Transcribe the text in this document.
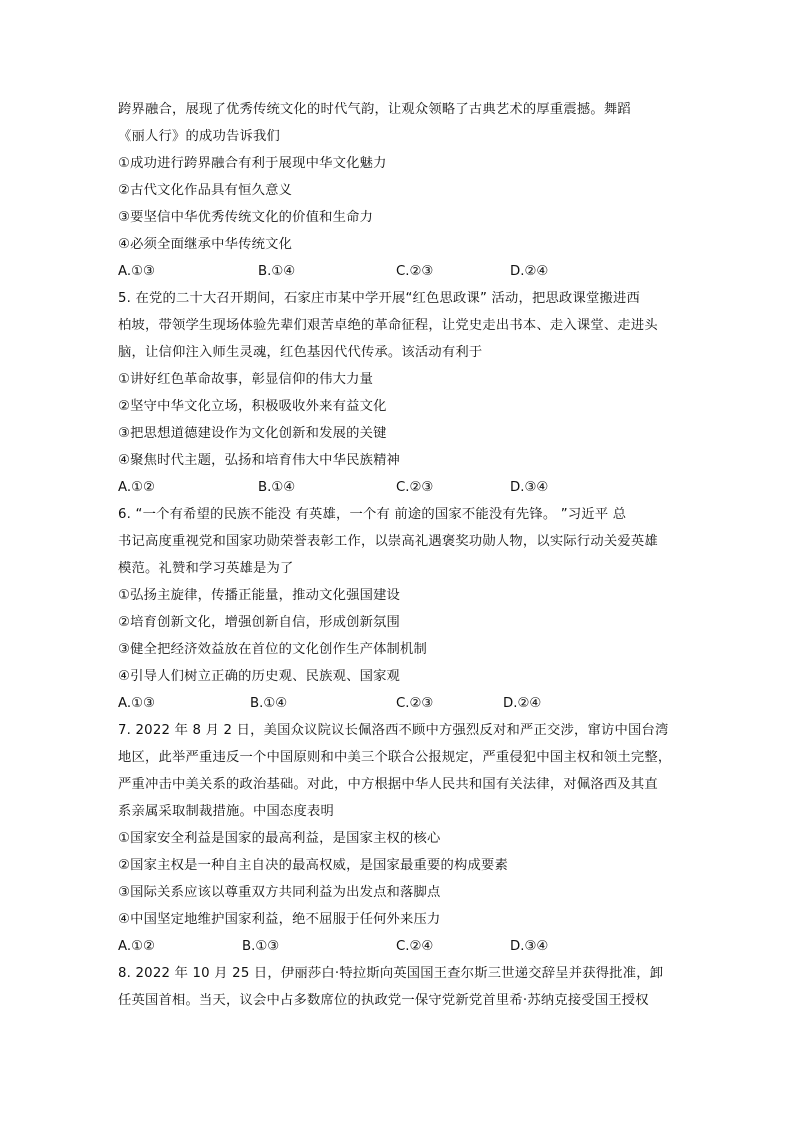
跨界融合，展现了优秀传统文化的时代气韵，让观众领略了古典艺术的厚重震撼。舞蹈
《丽人行》的成功告诉我们
①成功进行跨界融合有利于展现中华文化魅力
②古代文化作品具有恒久意义
③要坚信中华优秀传统文化的价值和生命力
④必须全面继承中华传统文化
A.①③	B.①④	C.②③	D.②④
5. 在党的二十大召开期间，石家庄市某中学开展“红色思政课” 活动，把思政课堂搬进西
柏坡，带领学生现场体验先辈们艰苦卓绝的革命征程，让党史走出书本、走入课堂、走进头
脑，让信仰注入师生灵魂，红色基因代代传承。该活动有利于
①讲好红色革命故事，彰显信仰的伟大力量
②坚守中华文化立场，积极吸收外来有益文化
③把思想道德建设作为文化创新和发展的关键
④聚焦时代主题，弘扬和培育伟大中华民族精神
A.①②	B.①④	C.②③	D.③④
6. “一个有希望的民族不能没 有英雄，一个有 前途的国家不能没有先锋。 ”习近平 总
书记高度重视党和国家功勋荣誉表彰工作，以崇高礼遇褒奖功勋人物，以实际行动关爱英雄
模范。礼赞和学习英雄是为了
①弘扬主旋律，传播正能量，推动文化强国建设
②培育创新文化，增强创新自信，形成创新氛围
③健全把经济效益放在首位的文化创作生产体制机制
④引导人们树立正确的历史观、民族观、国家观
A.①③	B.①④	C.②③	D.②④
7. 2022 年 8 月 2 日，美国众议院议长佩洛西不顾中方强烈反对和严正交涉，窜访中国台湾
地区，此举严重违反一个中国原则和中美三个联合公报规定，严重侵犯中国主权和领土完整，
严重冲击中美关系的政治基础。对此，中方根据中华人民共和国有关法律，对佩洛西及其直
系亲属采取制裁措施。中国态度表明
①国家安全利益是国家的最高利益，是国家主权的核心
②国家主权是一种自主自决的最高权威，是国家最重要的构成要素
③国际关系应该以尊重双方共同利益为出发点和落脚点
④中国坚定地维护国家利益，绝不屈服于任何外来压力
A.①②	B.①③	C.②④	D.③④
8. 2022 年 10 月 25 日，伊丽莎白·特拉斯向英国国王查尔斯三世递交辞呈并获得批准，卸
任英国首相。当天，议会中占多数席位的执政党一保守党新党首里希·苏纳克接受国王授权
